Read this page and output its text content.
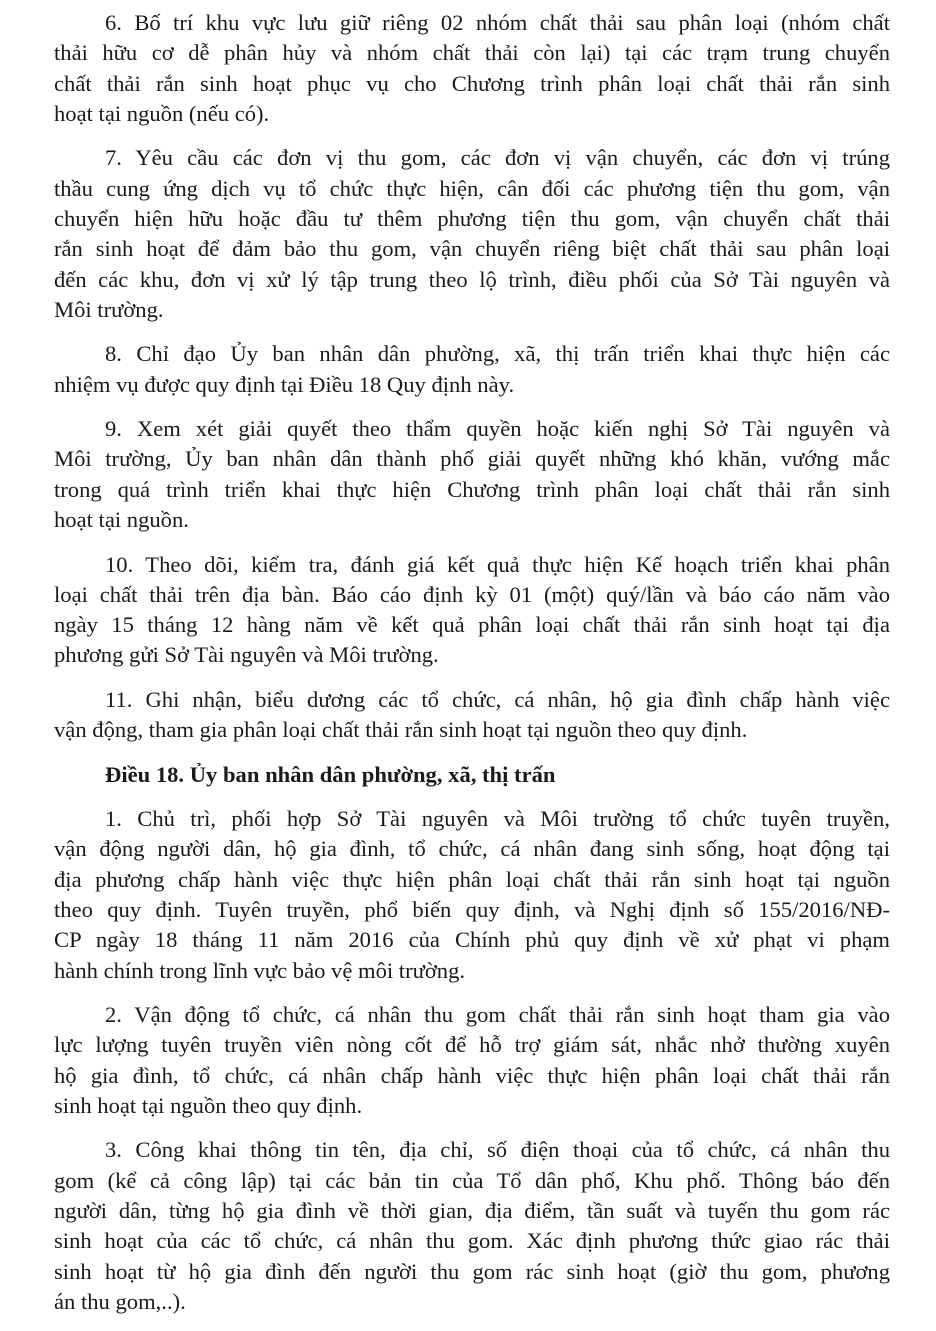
6. Bố trí khu vực lưu giữ riêng 02 nhóm chất thải sau phân loại (nhóm chất
thải hữu cơ dễ phân hủy và nhóm chất thải còn lại) tại các trạm trung chuyển
chất thải rắn sinh hoạt phục vụ cho Chương trình phân loại chất thải rắn sinh
hoạt tại nguồn (nếu có).

7. Yêu cầu các đơn vị thu gom, các đơn vị vận chuyển, các đơn vị trúng
thầu cung ứng dịch vụ tổ chức thực hiện, cân đối các phương tiện thu gom, vận
chuyển hiện hữu hoặc đầu tư thêm phương tiện thu gom, vận chuyển chất thải
rắn sinh hoạt để đảm bảo thu gom, vận chuyển riêng biệt chất thải sau phân loại
đến các khu, đơn vị xử lý tập trung theo lộ trình, điều phối của Sở Tài nguyên và
Môi trường.

8. Chỉ đạo Ủy ban nhân dân phường, xã, thị trấn triển khai thực hiện các
nhiệm vụ được quy định tại Điều 18 Quy định này.

9. Xem xét giải quyết theo thẩm quyền hoặc kiến nghị Sở Tài nguyên và
Môi trường, Ủy ban nhân dân thành phố giải quyết những khó khăn, vướng mắc
trong quá trình triển khai thực hiện Chương trình phân loại chất thải rắn sinh
hoạt tại nguồn.

10. Theo dõi, kiểm tra, đánh giá kết quả thực hiện Kế hoạch triển khai phân
loại chất thải trên địa bàn. Báo cáo định kỳ 01 (một) quý/lần và báo cáo năm vào
ngày 15 tháng 12 hàng năm về kết quả phân loại chất thải rắn sinh hoạt tại địa
phương gửi Sở Tài nguyên và Môi trường.

11. Ghi nhận, biểu dương các tổ chức, cá nhân, hộ gia đình chấp hành việc
vận động, tham gia phân loại chất thải rắn sinh hoạt tại nguồn theo quy định.

Điều 18. Ủy ban nhân dân phường, xã, thị trấn

1. Chủ trì, phối hợp Sở Tài nguyên và Môi trường tổ chức tuyên truyền,
vận động người dân, hộ gia đình, tổ chức, cá nhân đang sinh sống, hoạt động tại
địa phương chấp hành việc thực hiện phân loại chất thải rắn sinh hoạt tại nguồn
theo quy định. Tuyên truyền, phổ biến quy định, và Nghị định số 155/2016/NĐ-
CP ngày 18 tháng 11 năm 2016 của Chính phủ quy định về xử phạt vi phạm
hành chính trong lĩnh vực bảo vệ môi trường.

2. Vận động tổ chức, cá nhân thu gom chất thải rắn sinh hoạt tham gia vào
lực lượng tuyên truyền viên nòng cốt để hỗ trợ giám sát, nhắc nhở thường xuyên
hộ gia đình, tổ chức, cá nhân chấp hành việc thực hiện phân loại chất thải rắn
sinh hoạt tại nguồn theo quy định.

3. Công khai thông tin tên, địa chỉ, số điện thoại của tổ chức, cá nhân thu
gom (kể cả công lập) tại các bản tin của Tổ dân phố, Khu phố. Thông báo đến
người dân, từng hộ gia đình về thời gian, địa điểm, tần suất và tuyến thu gom rác
sinh hoạt của các tổ chức, cá nhân thu gom. Xác định phương thức giao rác thải
sinh hoạt từ hộ gia đình đến người thu gom rác sinh hoạt (giờ thu gom, phương
án thu gom,..).
